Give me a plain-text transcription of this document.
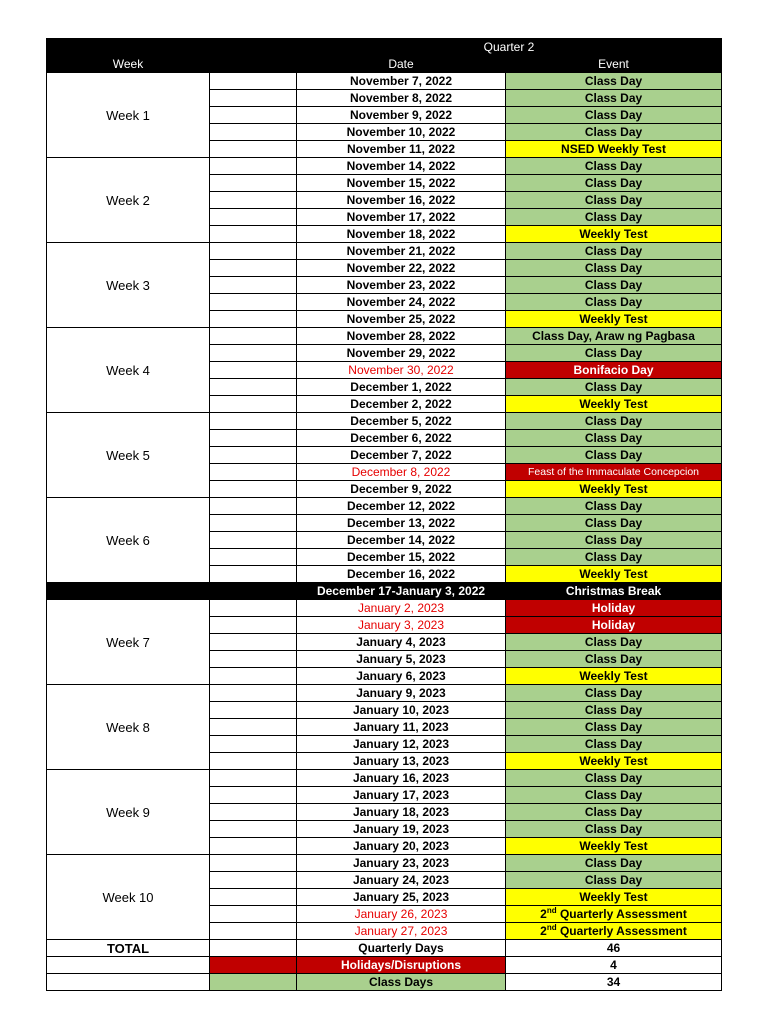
		Quarter 2	
Week		Date	Event
Week 1		November 7, 2022	Class Day
		November 8, 2022	Class Day
		November 9, 2022	Class Day
		November 10, 2022	Class Day
		November 11, 2022	NSED Weekly Test
Week 2		November 14, 2022	Class Day
		November 15, 2022	Class Day
		November 16, 2022	Class Day
		November 17, 2022	Class Day
		November 18, 2022	Weekly Test
Week 3		November 21, 2022	Class Day
		November 22, 2022	Class Day
		November 23, 2022	Class Day
		November 24, 2022	Class Day
		November 25, 2022	Weekly Test
Week 4		November 28, 2022	Class Day, Araw ng Pagbasa
		November 29, 2022	Class Day
		November 30, 2022	Bonifacio Day
		December 1, 2022	Class Day
		December 2, 2022	Weekly Test
Week 5		December 5, 2022	Class Day
		December 6, 2022	Class Day
		December 7, 2022	Class Day
		December 8, 2022	Feast of the Immaculate Concepcion
		December 9, 2022	Weekly Test
Week 6		December 12, 2022	Class Day
		December 13, 2022	Class Day
		December 14, 2022	Class Day
		December 15, 2022	Class Day
		December 16, 2022	Weekly Test
		December 17-January 3, 2022	Christmas Break
Week 7		January 2, 2023	Holiday
		January 3, 2023	Holiday
		January 4, 2023	Class Day
		January 5, 2023	Class Day
		January 6, 2023	Weekly Test
Week 8		January 9, 2023	Class Day
		January 10, 2023	Class Day
		January 11, 2023	Class Day
		January 12, 2023	Class Day
		January 13, 2023	Weekly Test
Week 9		January 16, 2023	Class Day
		January 17, 2023	Class Day
		January 18, 2023	Class Day
		January 19, 2023	Class Day
		January 20, 2023	Weekly Test
Week 10		January 23, 2023	Class Day
		January 24, 2023	Class Day
		January 25, 2023	Weekly Test
		January 26, 2023	2nd Quarterly Assessment
		January 27, 2023	2nd Quarterly Assessment
TOTAL		Quarterly Days	46
		Holidays/Disruptions	4
		Class Days	34
